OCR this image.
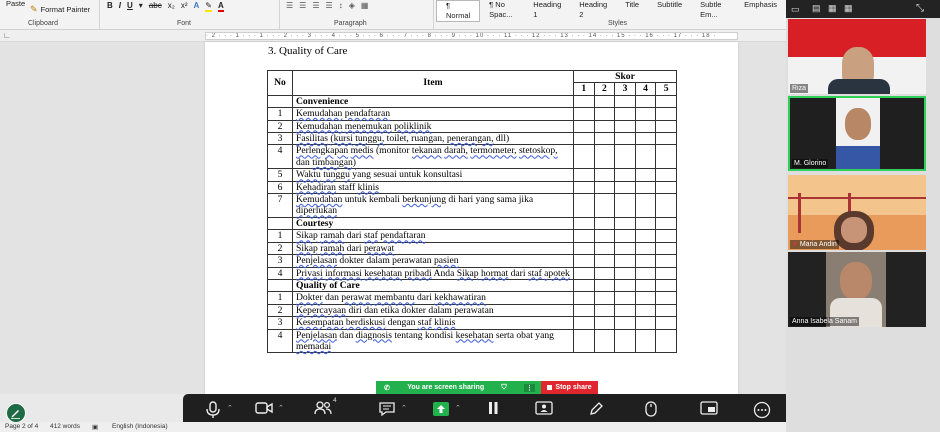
Paste
✎ Format Painter
Clipboard
B I U ▾ abc x₂ x² A ✎ A
Font
☰ ☰ ☰ ☰ ↕ ◈ ▦
Paragraph
¶ Normal
¶ No Spac...
Heading 1
Heading 2
Title	Subtitle	Subtle Em...
Emphasis
Styles
∟	· 2 · · · 1 · · · 1 · · · 2 · · · 3 · · · 4 · · · 5 · · · 6 · · · 7 · · · 8 · · · 9 · · · 10 · · · 11 · · · 12 · · · 13 · · · 14 · · · 15 · · · 16 · · · 17 · · · 18 ·
3. Quality of Care
No	Item	Skor				
		1	2	3	4	5
	Convenience					
1	Kemudahan pendaftaran					
2	Kemudahan menemukan poliklinik					
3	Fasilitas (kursi tunggu, toilet, ruangan, penerangan, dll)					
4	Perlengkapan medis (monitor tekanan darah, termometer, stetoskop, dan timbangan)					
5	Waktu tunggu yang sesuai untuk konsultasi					
6	Kehadiran staff klinis					
7	Kemudahan untuk kembali berkunjung di hari yang sama jika diperlukan					
	Courtesy					
1	Sikap ramah dari staf pendaftaran					
2	Sikap ramah dari perawat					
3	Penjelasan dokter dalam perawatan pasien					
4	Privasi informasi kesehatan pribadi Anda Sikap hormat dari staf apotek					
	Quality of Care					
1	Dokter dan perawat membantu dari kekhawatiran					
2	Kepercayaan diri dan etika dokter dalam perawatan					
3	Kesempatan berdiskusi dengan staf klinis					
4	Penjelasan dan diagnosis tentang kondisi kesehatan serta obat yang memadai					
✆ You are screen sharing ⛉	⋮	Stop share
⌃	⌃
4
⌃	⌃
Page 2 of 4 412 words ▣ English (Indonesia)
▭ ▤ ▦ ▦	⤡
Riza
M. Glorino
✕ Maria Andin
Anna Isabela Sanam
